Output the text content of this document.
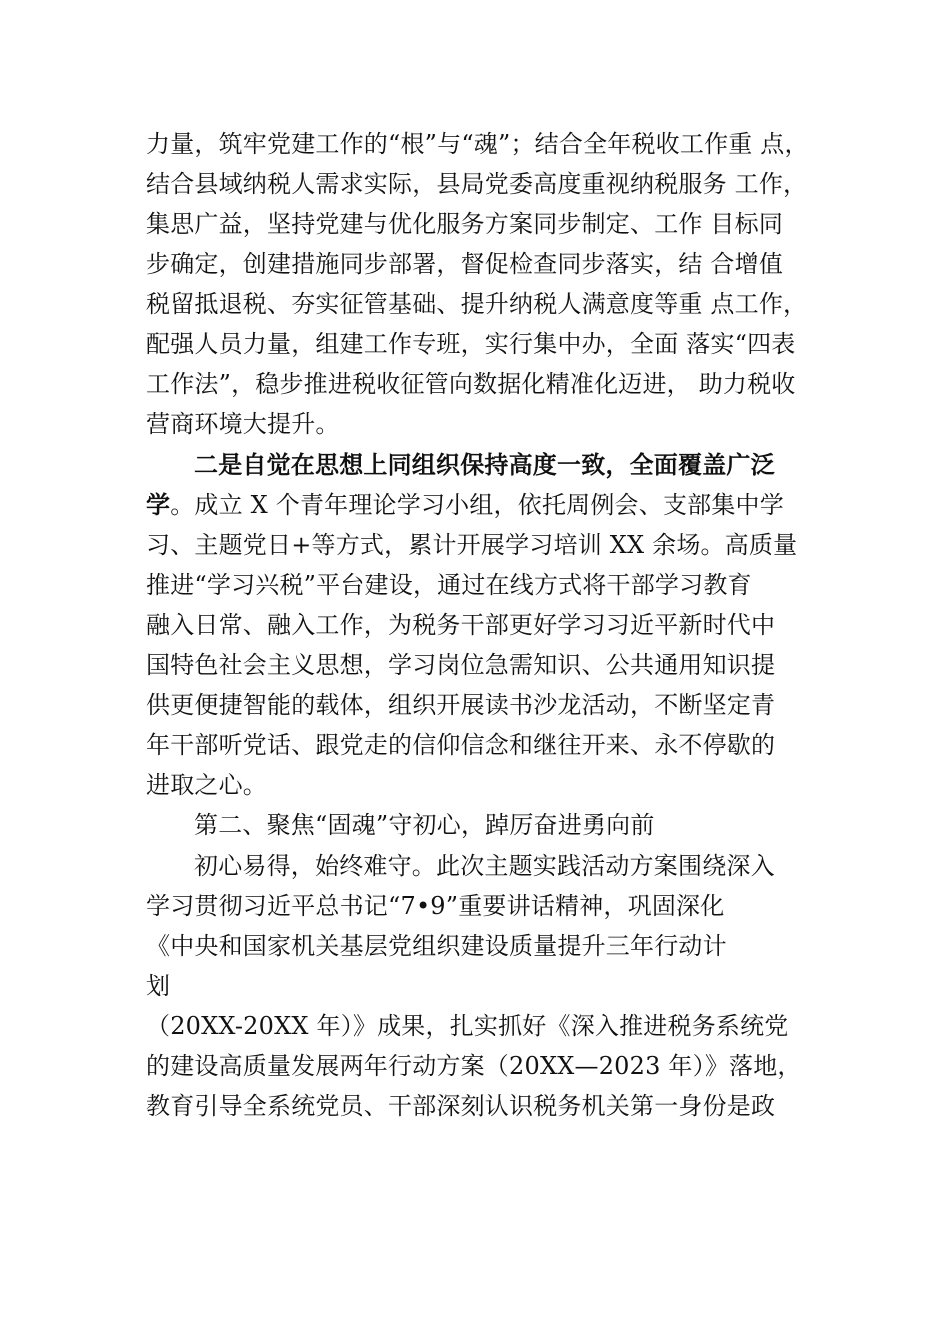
力量，筑牢党建工作的“根”与“魂”；结合全年税收工作重 点，
结合县域纳税人需求实际，县局党委高度重视纳税服务 工作，
集思广益，坚持党建与优化服务方案同步制定、工作 目标同
步确定，创建措施同步部署，督促检查同步落实，结 合增值
税留抵退税、夯实征管基础、提升纳税人满意度等重 点工作，
配强人员力量，组建工作专班，实行集中办，全面 落实“四表
工作法”，稳步推进税收征管向数据化精准化迈进， 助力税收
营商环境大提升。
二是自觉在思想上同组织保持高度一致，全面覆盖广泛
学。成立 X 个青年理论学习小组，依托周例会、支部集中学
习、主题党日+等方式，累计开展学习培训 XX 余场。高质量
推进“学习兴税”平台建设，通过在线方式将干部学习教育
融入日常、融入工作，为税务干部更好学习习近平新时代中
国特色社会主义思想，学习岗位急需知识、公共通用知识提
供更便捷智能的载体，组织开展读书沙龙活动，不断坚定青
年干部听党话、跟党走的信仰信念和继往开来、永不停歇的
进取之心。
第二、聚焦“固魂”守初心，踔厉奋进勇向前
初心易得，始终难守。此次主题实践活动方案围绕深入
学习贯彻习近平总书记“7•9”重要讲话精神，巩固深化
《中央和国家机关基层党组织建设质量提升三年行动计
划
（20XX-20XX 年）》成果，扎实抓好《深入推进税务系统党
的建设高质量发展两年行动方案（20XX—2023 年）》落地，
教育引导全系统党员、干部深刻认识税务机关第一身份是政
